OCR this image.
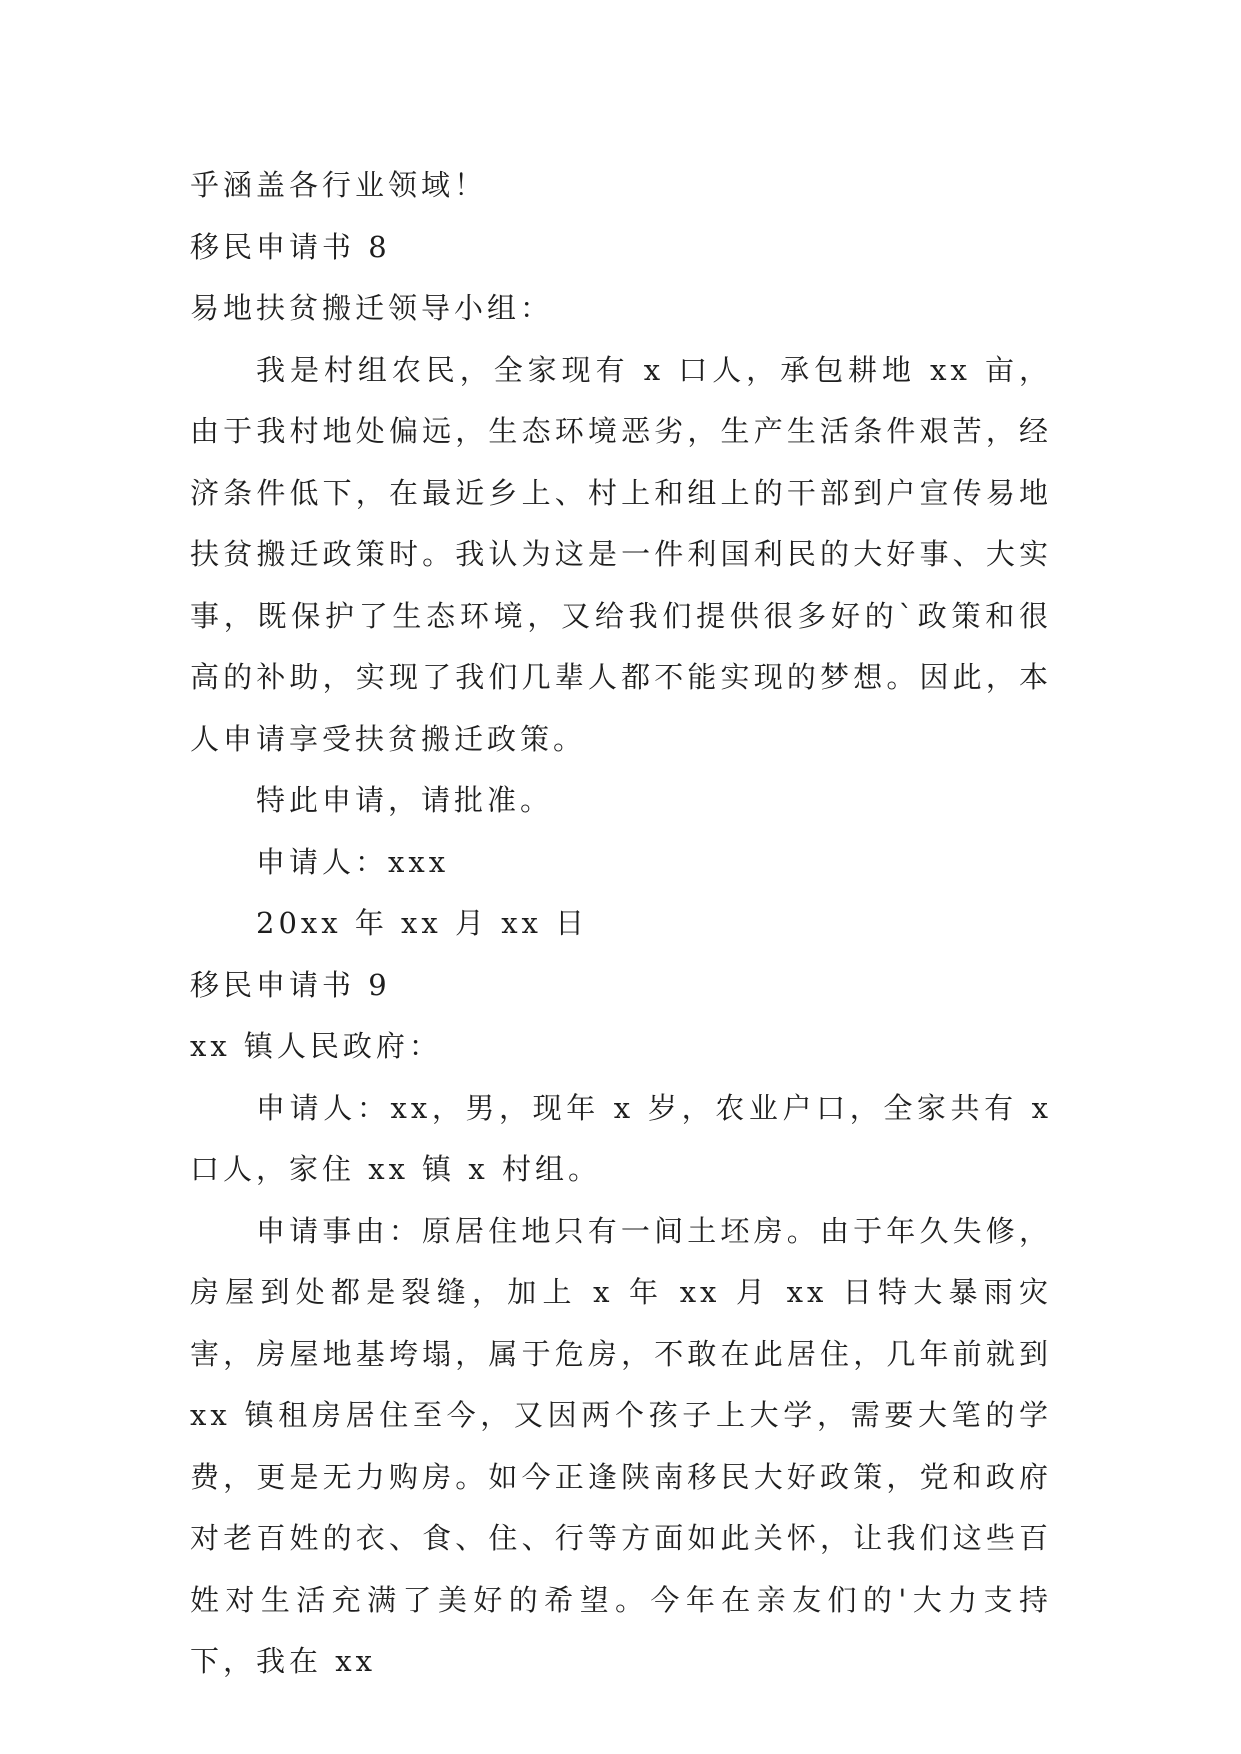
乎涵盖各行业领域！

移民申请书 8

易地扶贫搬迁领导小组：

我是村组农民，全家现有 x 口人，承包耕地 xx 亩，由于我村地处偏远，生态环境恶劣，生产生活条件艰苦，经济条件低下，在最近乡上、村上和组上的干部到户宣传易地扶贫搬迁政策时。我认为这是一件利国利民的大好事、大实事，既保护了生态环境，又给我们提供很多好的`政策和很高的补助，实现了我们几辈人都不能实现的梦想。因此，本人申请享受扶贫搬迁政策。

特此申请，请批准。

申请人：xxx

20xx 年 xx 月 xx 日

移民申请书 9

xx 镇人民政府：

申请人：xx，男，现年 x 岁，农业户口，全家共有 x 口人，家住 xx 镇 x 村组。

申请事由：原居住地只有一间土坯房。由于年久失修，房屋到处都是裂缝，加上 x 年 xx 月 xx 日特大暴雨灾害，房屋地基垮塌，属于危房，不敢在此居住，几年前就到 xx 镇租房居住至今，又因两个孩子上大学，需要大笔的学费，更是无力购房。如今正逢陕南移民大好政策，党和政府对老百姓的衣、食、住、行等方面如此关怀，让我们这些百姓对生活充满了美好的希望。今年在亲友们的'大力支持下，我在 xx
